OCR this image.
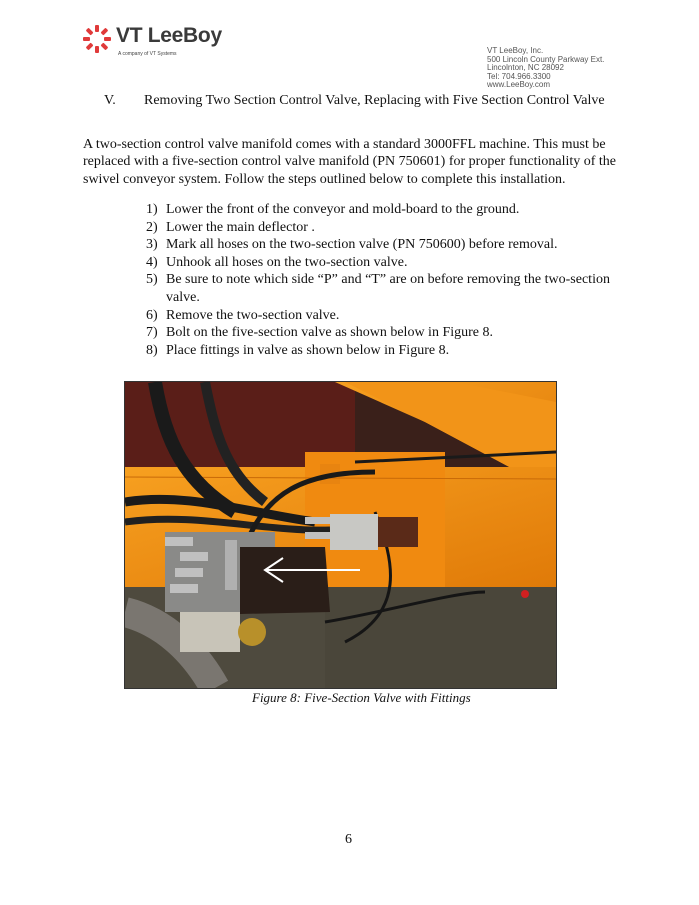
VT LeeBoy
A company of VT Systems	VT LeeBoy, Inc.
500 Lincoln County Parkway Ext.
Lincolnton, NC 28092
Tel: 704.966.3300
www.LeeBoy.com
V. Removing Two Section Control Valve, Replacing with Five Section Control Valve

A two-section control valve manifold comes with a standard 3000FFL machine. This must be replaced with a five-section control valve manifold (PN 750601) for proper functionality of the swivel conveyor system. Follow the steps outlined below to complete this installation.

1) Lower the front of the conveyor and mold-board to the ground.
2) Lower the main deflector .
3) Mark all hoses on the two-section valve (PN 750600) before removal.
4) Unhook all hoses on the two-section valve.
5) Be sure to note which side “P” and “T” are on before removing the two-section valve.
6) Remove the two-section valve.
7) Bolt on the five-section valve as shown below in Figure 8.
8) Place fittings in valve as shown below in Figure 8.
Figure 8: Five-Section Valve with Fittings
6
